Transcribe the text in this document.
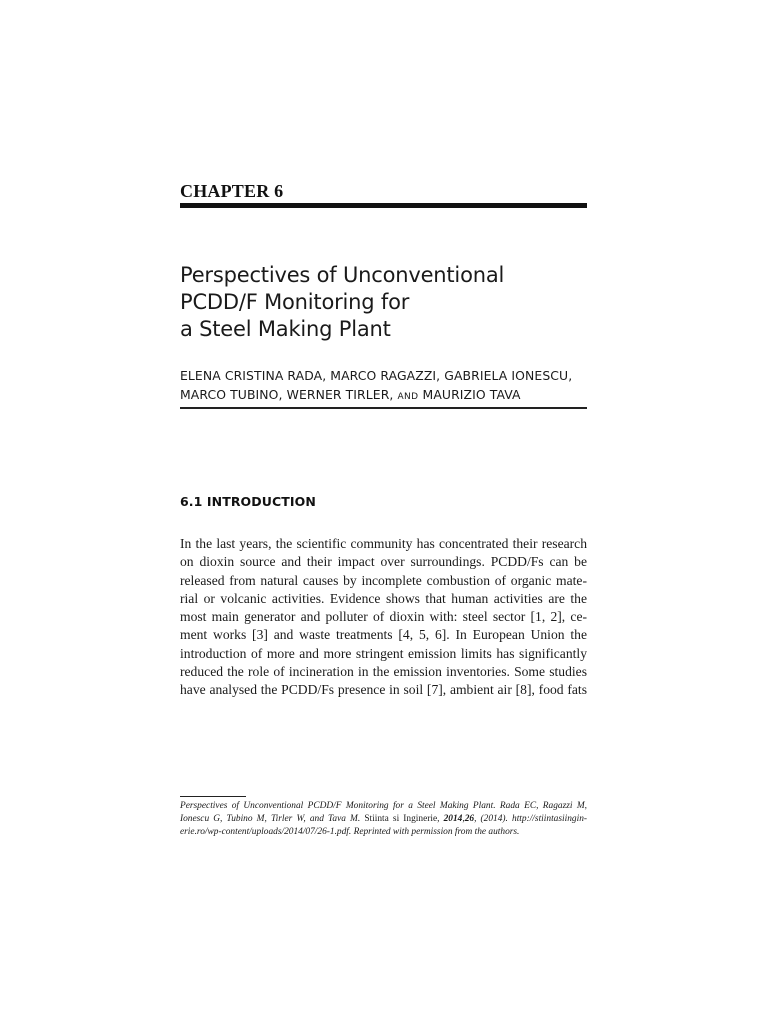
CHAPTER 6
Perspectives of Unconventional
PCDD/F Monitoring for
a Steel Making Plant
ELENA CRISTINA RADA, MARCO RAGAZZI, GABRIELA IONESCU,
MARCO TUBINO, WERNER TIRLER, AND MAURIZIO TAVA
6.1 INTRODUCTION
In the last years, the scientific community has concentrated their research
on dioxin source and their impact over surroundings. PCDD/Fs can be
released from natural causes by incomplete combustion of organic mate-
rial or volcanic activities. Evidence shows that human activities are the
most main generator and polluter of dioxin with: steel sector [1, 2], ce-
ment works [3] and waste treatments [4, 5, 6]. In European Union the
introduction of more and more stringent emission limits has significantly
reduced the role of incineration in the emission inventories. Some studies
have analysed the PCDD/Fs presence in soil [7], ambient air [8], food fats
Perspectives of Unconventional PCDD/F Monitoring for a Steel Making Plant. Rada EC, Ragazzi M,
Ionescu G, Tubino M, Tirler W, and Tava M. Stiinta si Inginerie, 2014,26, (2014). http://stiintasiingin-
erie.ro/wp-content/uploads/2014/07/26-1.pdf. Reprinted with permission from the authors.
